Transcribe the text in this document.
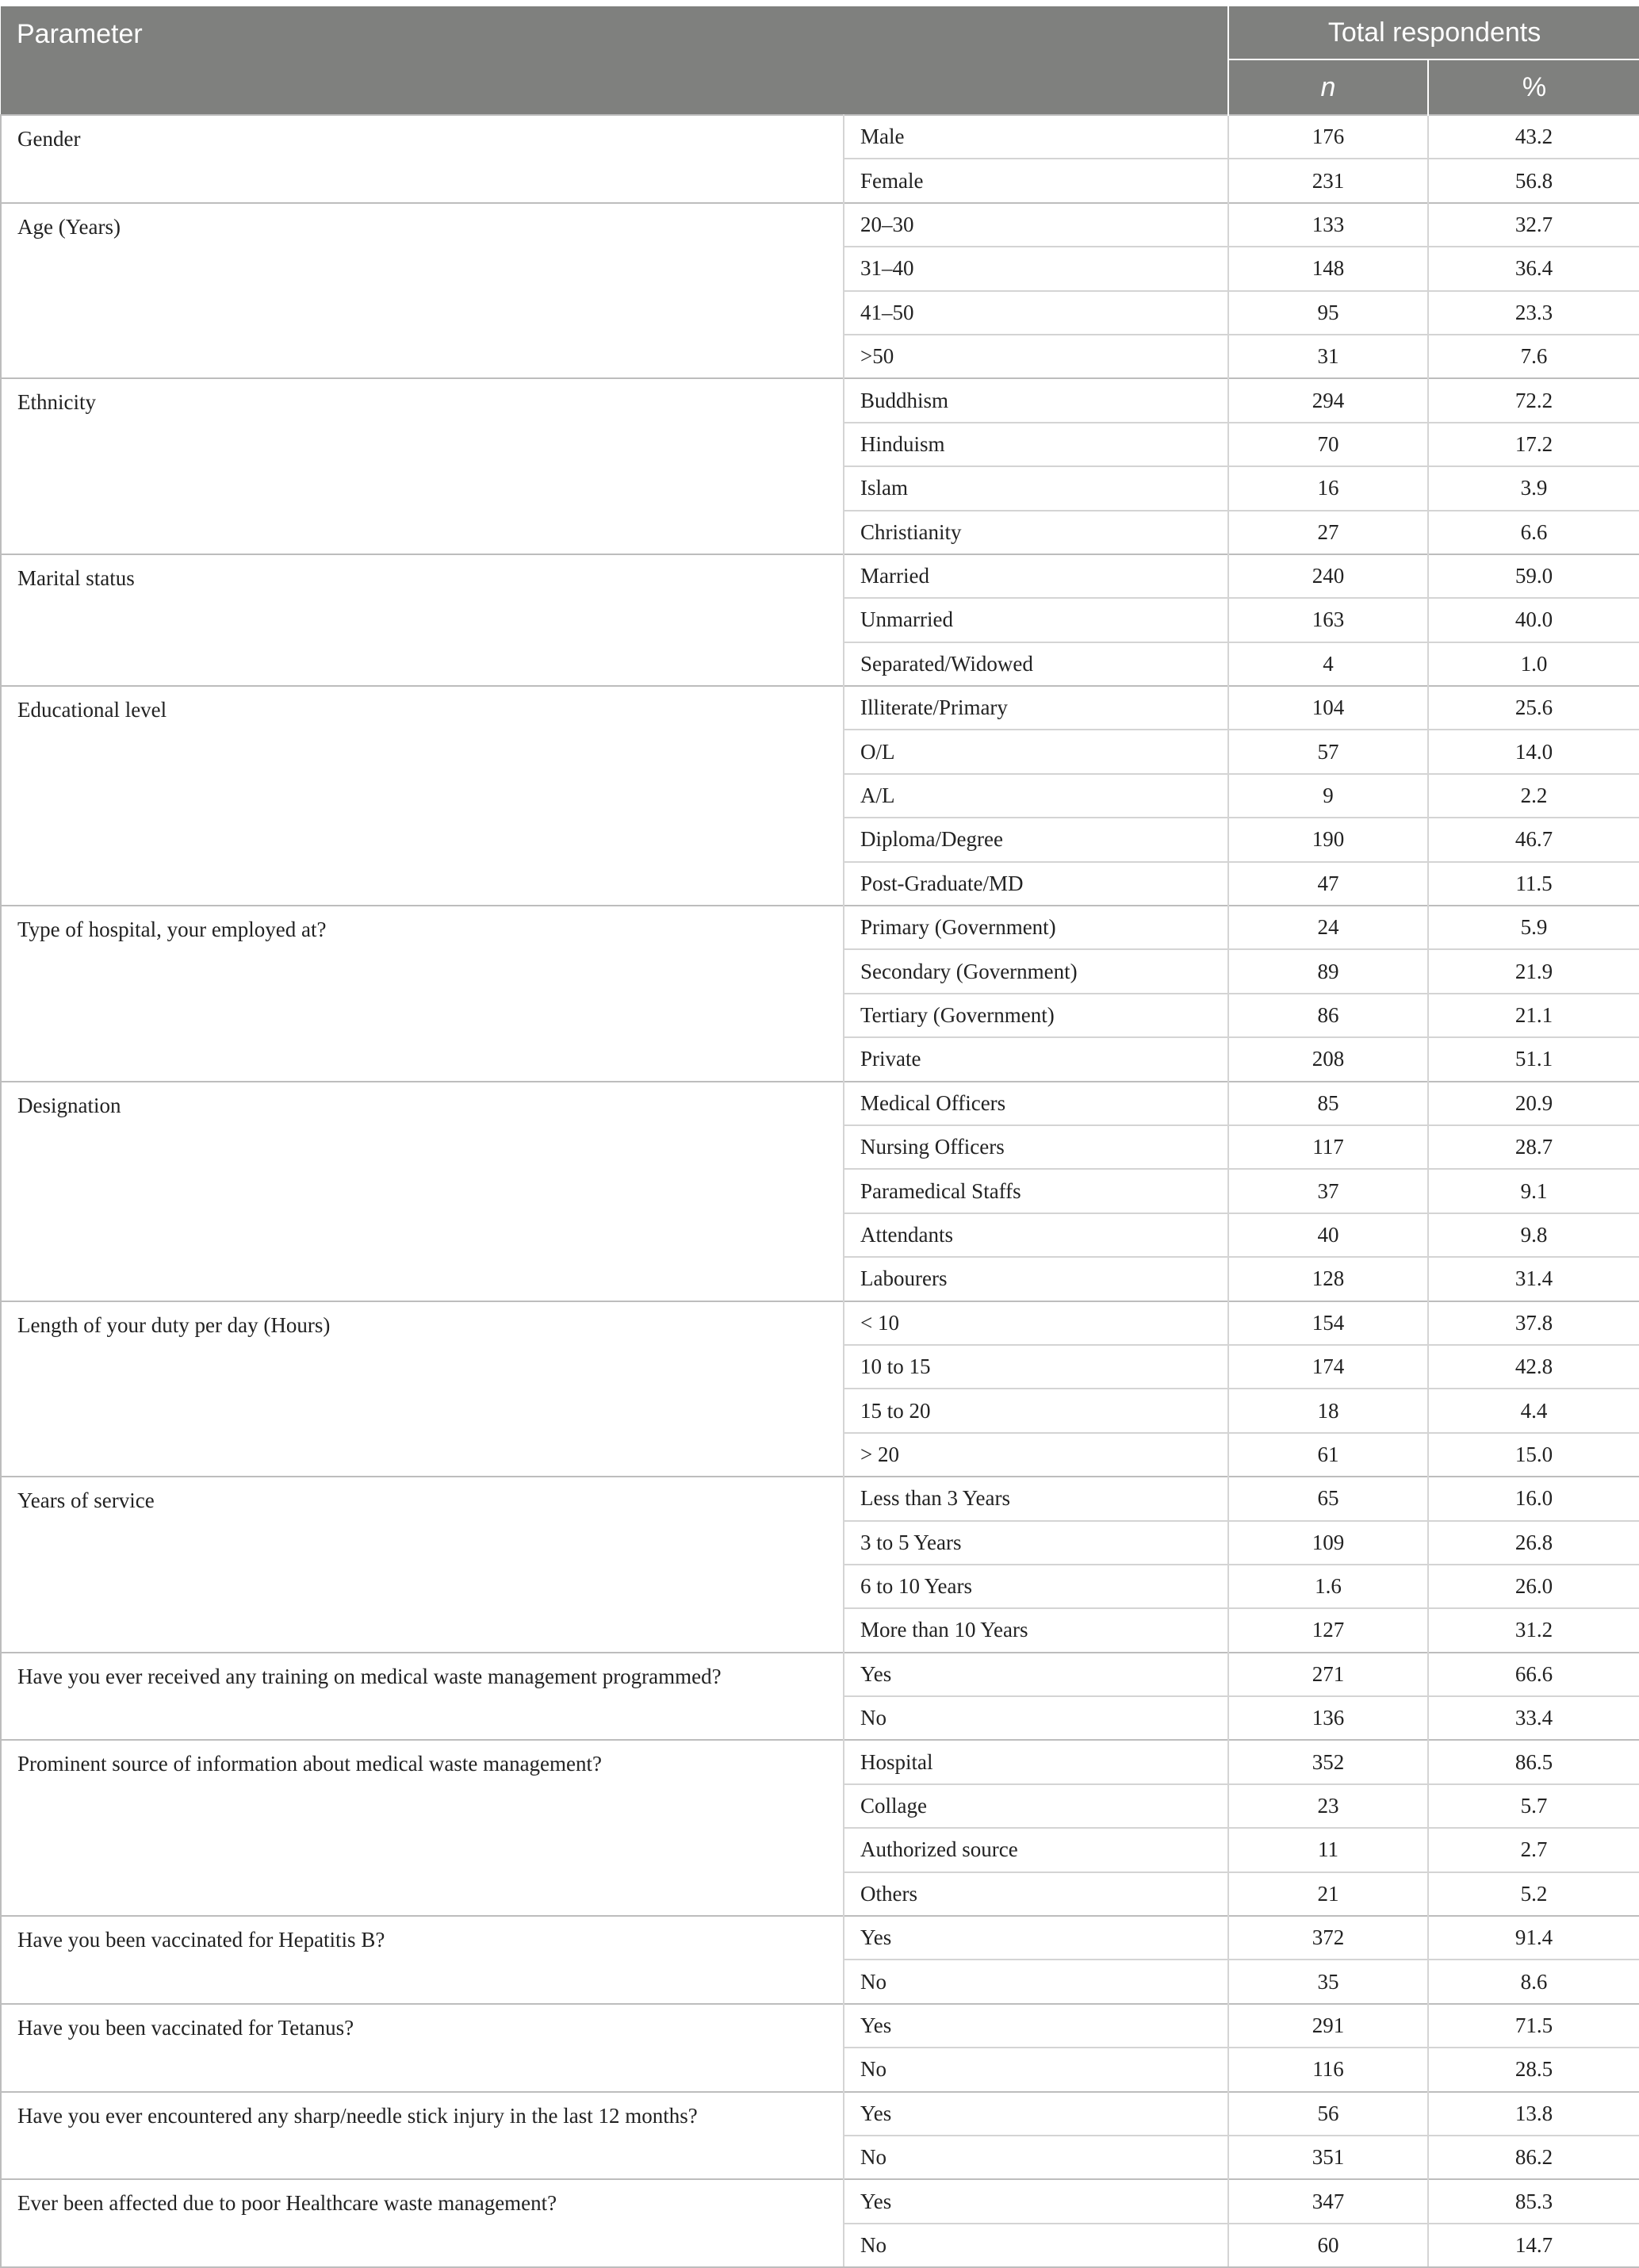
Parameter		Total respondents	
		n	%
Gender	Male	176	43.2
	Female	231	56.8
Age (Years)	20–30	133	32.7
	31–40	148	36.4
	41–50	95	23.3
	>50	31	7.6
Ethnicity	Buddhism	294	72.2
	Hinduism	70	17.2
	Islam	16	3.9
	Christianity	27	6.6
Marital status	Married	240	59.0
	Unmarried	163	40.0
	Separated/Widowed	4	1.0
Educational level	Illiterate/Primary	104	25.6
	O/L	57	14.0
	A/L	9	2.2
	Diploma/Degree	190	46.7
	Post-Graduate/MD	47	11.5
Type of hospital, your employed at?	Primary (Government)	24	5.9
	Secondary (Government)	89	21.9
	Tertiary (Government)	86	21.1
	Private	208	51.1
Designation	Medical Officers	85	20.9
	Nursing Officers	117	28.7
	Paramedical Staffs	37	9.1
	Attendants	40	9.8
	Labourers	128	31.4
Length of your duty per day (Hours)	< 10	154	37.8
	10 to 15	174	42.8
	15 to 20	18	4.4
	> 20	61	15.0
Years of service	Less than 3 Years	65	16.0
	3 to 5 Years	109	26.8
	6 to 10 Years	1.6	26.0
	More than 10 Years	127	31.2
Have you ever received any training on medical waste management programmed?	Yes	271	66.6
	No	136	33.4
Prominent source of information about medical waste management?	Hospital	352	86.5
	Collage	23	5.7
	Authorized source	11	2.7
	Others	21	5.2
Have you been vaccinated for Hepatitis B?	Yes	372	91.4
	No	35	8.6
Have you been vaccinated for Tetanus?	Yes	291	71.5
	No	116	28.5
Have you ever encountered any sharp/needle stick injury in the last 12 months?	Yes	56	13.8
	No	351	86.2
Ever been affected due to poor Healthcare waste management?	Yes	347	85.3
	No	60	14.7
